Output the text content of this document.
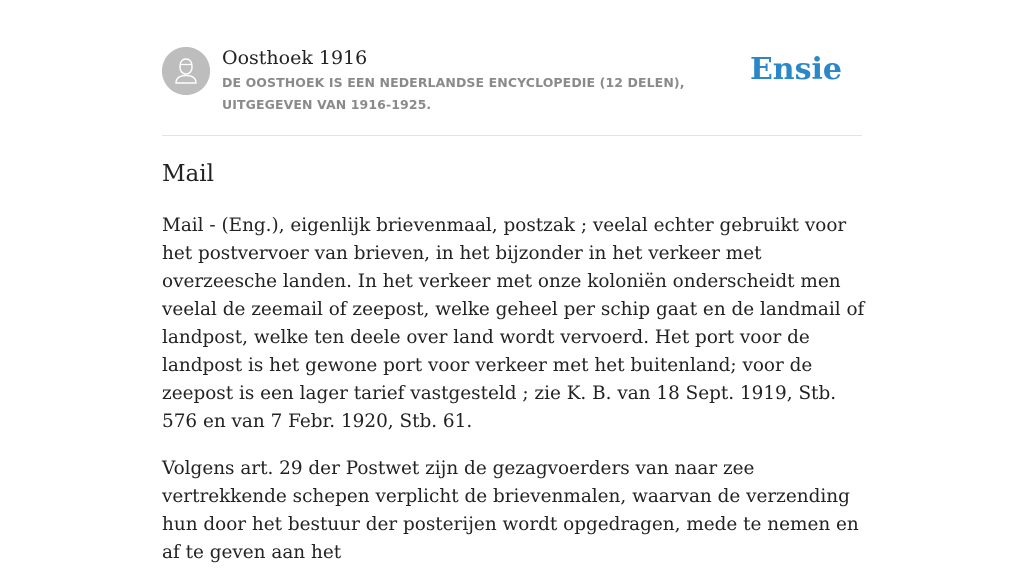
Oosthoek 1916
DE OOSTHOEK IS EEN NEDERLANDSE ENCYCLOPEDIE (12 DELEN), UITGEGEVEN VAN 1916-1925.
Ensie
Mail

Mail - (Eng.), eigenlijk brievenmaal, postzak ; veelal echter gebruikt voor het postvervoer van brieven, in het bijzonder in het verkeer met overzeesche landen. In het verkeer met onze koloniën onderscheidt men veelal de zeemail of zeepost, welke geheel per schip gaat en de landmail of landpost, welke ten deele over land wordt vervoerd. Het port voor de landpost is het gewone port voor verkeer met het buitenland; voor de zeepost is een lager tarief vastgesteld ; zie K. B. van 18 Sept. 1919, Stb. 576 en van 7 Febr. 1920, Stb. 61.

Volgens art. 29 der Postwet zijn de gezagvoerders van naar zee vertrekkende schepen verplicht de brievenmalen, waarvan de verzending hun door het bestuur der posterijen wordt opgedragen, mede te nemen en af te geven aan het
